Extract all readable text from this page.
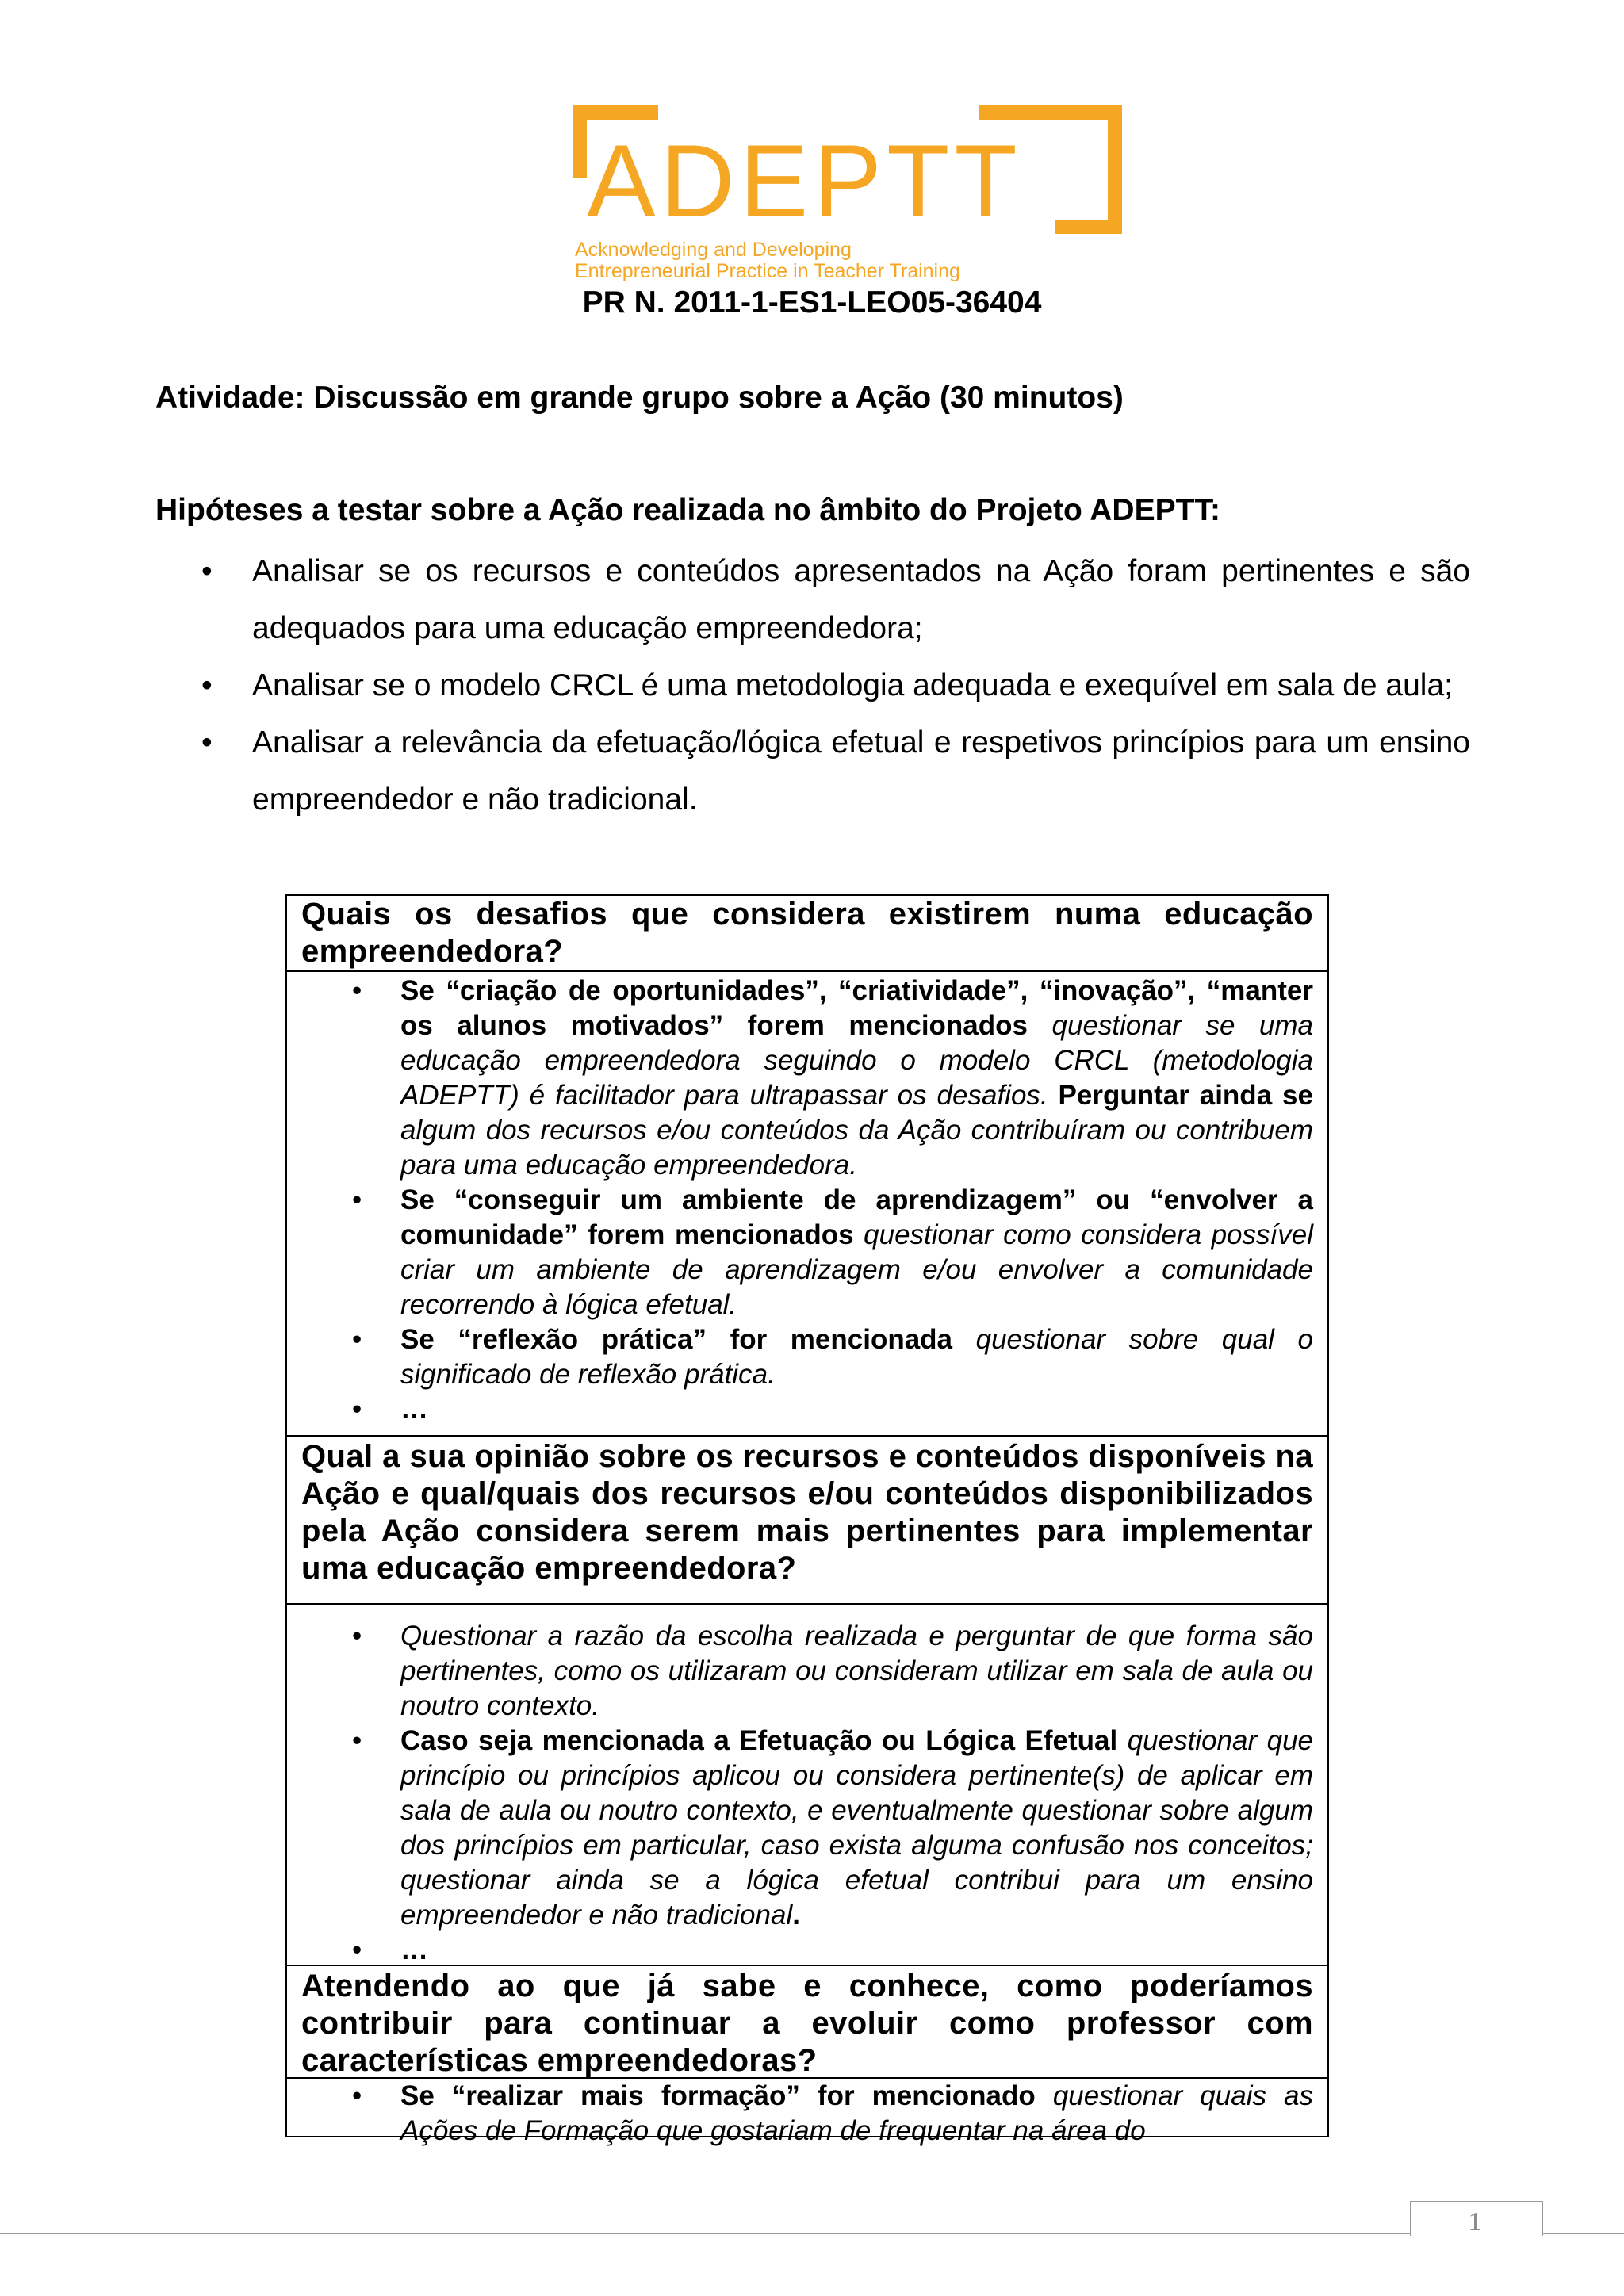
ADEPTT
Acknowledging and Developing
Entrepreneurial Practice in Teacher Training
PR N. 2011-1-ES1-LEO05-36404
Atividade: Discussão em grande grupo sobre a Ação (30 minutos)
Hipóteses a testar sobre a Ação realizada no âmbito do Projeto ADEPTT:
• Analisar se os recursos e conteúdos apresentados na Ação foram pertinentes e são adequados para uma educação empreendedora;
• Analisar se o modelo CRCL é uma metodologia adequada e exequível em sala de aula;
• Analisar a relevância da efetuação/lógica efetual e respetivos princípios para um ensino empreendedor e não tradicional.
Quais os desafios que considera existirem numa educação empreendedora?
• Se “criação de oportunidades”, “criatividade”, “inovação”, “manter os alunos motivados” forem mencionados questionar se uma educação empreendedora seguindo o modelo CRCL (metodologia ADEPTT) é facilitador para ultrapassar os desafios. Perguntar ainda se algum dos recursos e/ou conteúdos da Ação contribuíram ou contribuem para uma educação empreendedora.
• Se “conseguir um ambiente de aprendizagem” ou “envolver a comunidade” forem mencionados questionar como considera possível criar um ambiente de aprendizagem e/ou envolver a comunidade recorrendo à lógica efetual.
• Se “reflexão prática” for mencionada questionar sobre qual o significado de reflexão prática.
• …
Qual a sua opinião sobre os recursos e conteúdos disponíveis na Ação e qual/quais dos recursos e/ou conteúdos disponibilizados pela Ação considera serem mais pertinentes para implementar uma educação empreendedora?
• Questionar a razão da escolha realizada e perguntar de que forma são pertinentes, como os utilizaram ou consideram utilizar em sala de aula ou noutro contexto.
• Caso seja mencionada a Efetuação ou Lógica Efetual questionar que princípio ou princípios aplicou ou considera pertinente(s) de aplicar em sala de aula ou noutro contexto, e eventualmente questionar sobre algum dos princípios em particular, caso exista alguma confusão nos conceitos; questionar ainda se a lógica efetual contribui para um ensino empreendedor e não tradicional.
• …
Atendendo ao que já sabe e conhece, como poderíamos contribuir para continuar a evoluir como professor com características empreendedoras?
• Se “realizar mais formação” for mencionado questionar quais as Ações de Formação que gostariam de frequentar na área do
1
